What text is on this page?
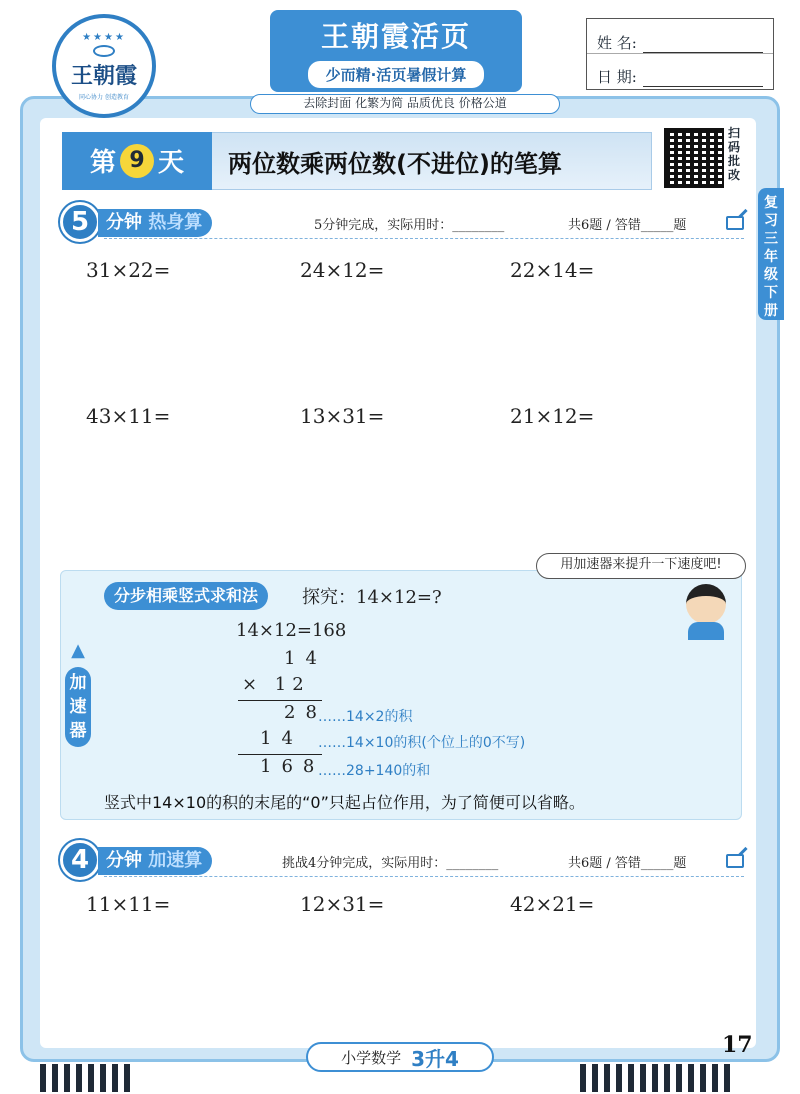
★★★★
王朝霞
同心协力 创造教育
王朝霞活页
少而精·活页暑假计算
姓 名:
日 期:
去除封面 化繁为简 品质优良 价格公道
第 9 天 两位数乘两位数(不进位)的笔算
扫码批改
复习三年级下册
5 分钟 热身算	5分钟完成，实际用时：________	共6题 / 答错_____题
31×22=	24×12=	22×14=
43×11=	13×31=	21×12=
用加速器来提升一下速度吧!
分步相乘竖式求和法	探究：14×12=?
▲
加速器
14×12=168
14
× 12
28
14
168
……14×2的积
……14×10的积(个位上的0不写)
……28+140的和
竖式中14×10的积的末尾的“0”只起占位作用，为了简便可以省略。
4 分钟 加速算	挑战4分钟完成，实际用时：________	共6题 / 答错_____题
11×11=	12×31=	42×21=
17
小学数学 3升4
